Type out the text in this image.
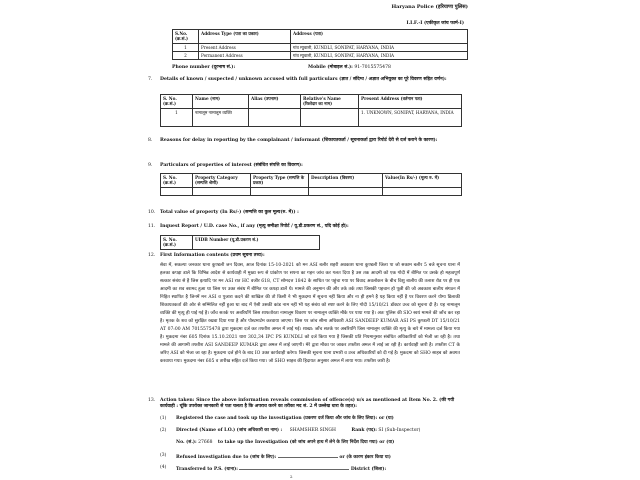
Haryana Police (हरियाणा पुलिस)
I.I.F.-I (एकीकृत जांच फार्म-I)
S.No. (क्र.सं.)	Address Type (पता का प्रकार)	Address (पता)
1	Present Address	गांव म्युवाली, KUNDLI, SONIPAT, HARYANA, INDIA
2	Permanent Address	गांव म्युवाली, KUNDLI, SONIPAT, HARYANA, INDIA
Phone number (दूरभाष सं.):	Mobile (मोबाइल सं.): 91-7015575478
7. Details of known / suspected / unknown accused with full particulars (ज्ञात / संदिग्ध / अज्ञात अभियुक्त का पूरे विवरण सहित वर्णन):
S. No. (क्र.सं.)	Name (नाम)	Alias (उपनाम)	Relative's Name (रिश्तेदार का नाम)	Present Address (वर्तमान पता)
1	नामालूम नामालूम व्यक्ति			1. UNKNOWN, SONIPAT, HARYANA, INDIA
8. Reasons for delay in reporting by the complainant / informant (शिकायतकर्ता / सूचनाकर्ता द्वारा रिपोर्ट देरी से दर्ज कराने के कारण):
9. Particulars of properties of interest (संबंधित संपत्ति का विवरण):
S. No. (क्र.सं.)	Property Category (सम्पत्ति श्रेणी)	Property Type (सम्पत्ति के प्रकार)	Description (विवरण)	Value(In Rs/-) (मूल्य रु. में)

10. Total value of property (In Rs/-) (सम्पत्ति का कुल मूल्य(रु. में)) :
11. Inquest Report / U.D. case No., if any (मृत्यु समीक्षा रिपोर्ट / यू.डी.प्रकरण सं., यदि कोई हो):
S. No. (क्र.सं.)	UIDB Number (यू.डी.प्रकरण सं.)
12. First Information contents (प्रथम सूचना तथ्य):
सेवा में, सकल्पा जनकार थाना कुण्डली जन दिवस, आज दिनांक 15-10-2021 को मन ASI बलीर शहरी अवकाश थाना कुण्डली जिला पा जो सकाम बलीर 5 बजे सूचना थाना में हलका कपड़ा डाले कि विभिन्न आदेश से कार्यवाही में मुख्य रूप से प्रांकोण पर सपना का गहन जांच कर गलत दिया है उस तक आदमी को एक गोदी में बीमित पर उसके हो महत्वपूर्ण सत्कार संबंध से है जिस इत्यादि पर मन ASI रात HC वजीर 618, CT सोमदत्त 1842 के साथित पर पहुंचा गया पर विवाद अवलोकन के बीच विशु बालीय की तलाश रोड पर ही एक आदमी का शव बरामद हुआ था जिस पर उक्त संबंध में बीमित पर कपड़ा डालें थे। मामले की अनुमान की और तर्क तर्क तथा जिसकी पहचान हो पूछी की जो अवकाश बालीय संगठन में निहित स्थापित है जिनमें मन ASI व पुजारा कदने की शाखिल की तो किसी ने भी मुकदमा में सूचना नहीं किया और ना ही हमने है यह किया नहीं है पर विवरण करने योग्य डिलाकी शिकायतकर्ता की ओर से सम्मिलित नहीं हुआ था बाद में ऐसी उसकी कांड नाम नहीं भी यह संबंध को स्पष्ट करने के लिए गोदी 15/10/21 डॉक्टर उच्च को सूचना दी है। यह नामालूम व्यक्ति की मृत्यु ही पाई गई है। जाँच सतर्क पर अबरियाँगे जिस शाफतोरता नामालूम विवरण पर नामालूम व्यक्ति मौके पर पाया गया है। अतः पुलिस की SIO स्वयं मामले की जाँच कर रहा है। मृतक के शव को सुरक्षित रखवा दिया गया है और पोस्टमार्टम करवाया जाएगा। जिस पर जांच सीमा अधिकारी ASI SANDEEP KUMAR ASI PS कुण्डली DT 15/10/21 AT 07:00 AM 7015575478 द्वारा मुकदमा दर्ज कर तफ्तीश अमल में लाई गई। शाखा: जाँच सतर्क पर अबरियाँगे जिस नामालूम व्यक्ति की मृत्यु के बारे में मामला दर्ज किया गया है। मुकदमा नंबर 605 दिनांक 15.10.2021 धारा 302,34 IPC PS KUNDLI को दर्ज किया गया है जिसकी प्रति नियमानुसार संबंधित अधिकारियों को भेजी जा रही है। तथा मामले की आगामी तफ्तीश ASI SANDEEP KUMAR द्वारा अमल में लाई जाएगी। मेरे द्वारा मौका पर जाकर तफ्तीश अमल में लाई जा रही है। कार्यवाही जारी है। तफ्तीश CT के जरिए ASI को भेजा जा रहा है। मुकदमा दर्ज होने के बाद IO उक्त कार्यवाही करेगा। जिसकी सूचना थाना प्रभारी व उच्च अधिकारियों को दी गई है। मुकदमा को SHO साहब को अवगत करवाया गया। मुकदमा नंबर 605 व तारीख सहित दर्ज किया गया। जो SHO साहब की हिदायत अनुसार अमल में लाया गया। तफ्तीश जारी है।
13. Action taken: Since the above information reveals commission of offence(s) u/s as mentioned at Item No. 2. (की गयी कार्यवाही : चूंकि उपरोक्त जानकारी से पता चलता है कि अपराध करने का तरीका मद सं. 2 में उल्लेख धारा के तहत):
(1) Registered the case and took up the investigation (प्रकरण दर्ज किया और जांच के लिए लिया): or (या)
(2) Directed (Name of I.O.) (जांच अधिकारी का नाम) : SHAMSHER SINGH	Rank (पद): SI (Sub-Inspector)
No. (सं.): 27668 to take up the Investigation (को जांच अपने हाथ में लेने के लिए निर्देश दिया गया) or (या)
(3) Refused investigation due to (जांच के लिए):	or (के कारण इंकार किया या)
(4) Transferred to P.S. (थाना):	District (जिला):
2
